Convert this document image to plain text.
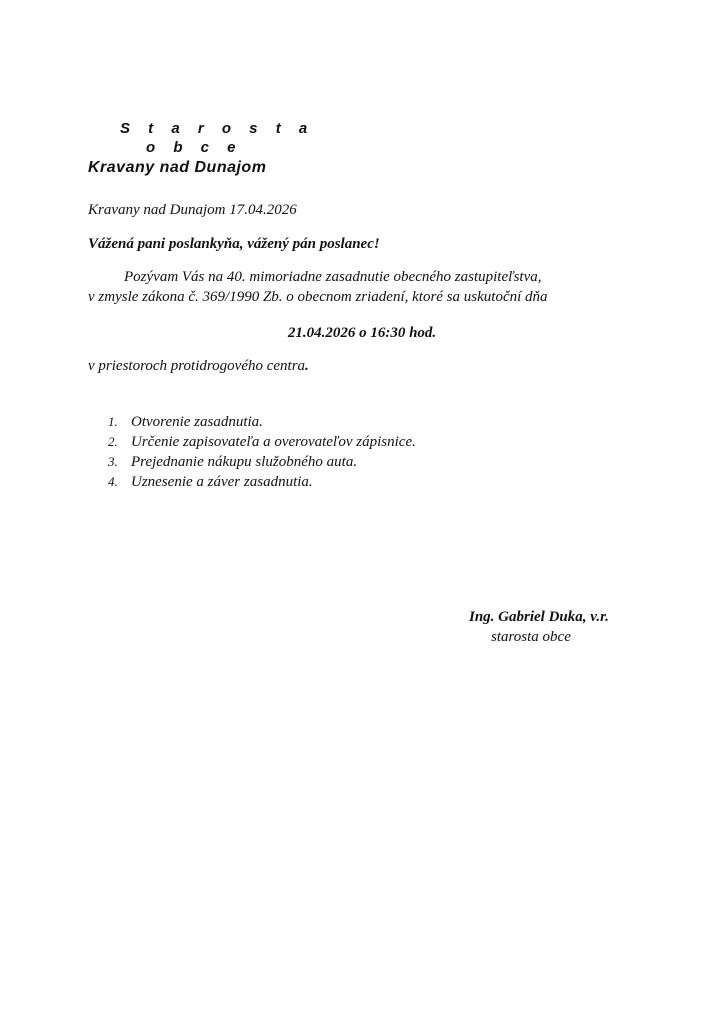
S t a r o s t a
o b c e
Kravany nad Dunajom
Kravany nad Dunajom 17.04.2026
Vážená pani poslankyňa, vážený pán poslanec!
Pozývam Vás na 40. mimoriadne zasadnutie obecného zastupiteľstva,
v zmysle zákona č. 369/1990 Zb. o obecnom zriadení, ktoré sa uskutoční dňa
21.04.2026 o 16:30 hod.
v priestoroch protidrogového centra.
1. Otvorenie zasadnutia.
2. Určenie zapisovateľa a overovateľov zápisnice.
3. Prejednanie nákupu služobného auta.
4. Uznesenie a záver zasadnutia.
Ing. Gabriel Duka, v.r.
starosta obce
